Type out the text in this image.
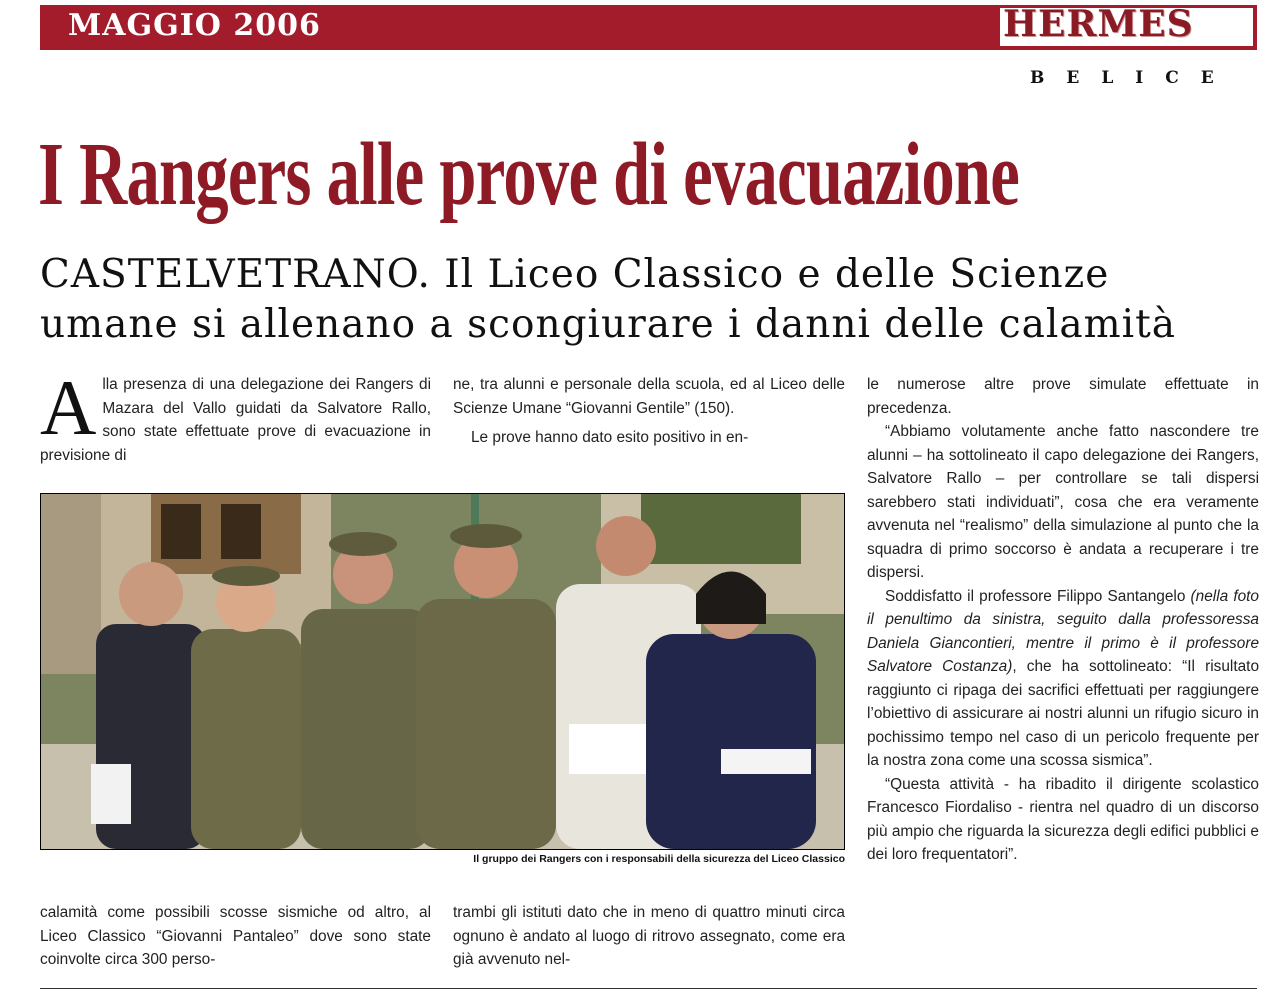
MAGGIO 2006	HERMES
BELICE
I Rangers alle prove di evacuazione
CASTELVETRANO. Il Liceo Classico e delle Scienze
umane si allenano a scongiurare i danni delle calamità
A lla presenza di una delegazione dei Rangers di Mazara del Vallo guidati da Salvatore Rallo, sono state effettuate prove di evacuazione in previsione di

ne, tra alunni e personale della scuola, ed al Liceo delle Scienze Umane “Giovanni Gentile” (150).

Le prove hanno dato esito positivo in en-

le numerose altre prove simulate effettuate in precedenza.

“Abbiamo volutamente anche fatto nascondere tre alunni – ha sottolineato il capo delegazione dei Rangers, Salvatore Rallo – per controllare se tali dispersi sarebbero stati individuati”, cosa che era veramente avvenuta nel “realismo” della simulazione al punto che la squadra di primo soccorso è andata a recuperare i tre dispersi.

Soddisfatto il professore Filippo Santangelo (nella foto il penultimo da sinistra, seguito dalla professoressa Daniela Giancontieri, mentre il primo è il professore Salvatore Costanza), che ha sottolineato: “Il risultato raggiunto ci ripaga dei sacrifici effettuati per raggiungere l’obiettivo di assicurare ai nostri alunni un rifugio sicuro in pochissimo tempo nel caso di un pericolo frequente per la nostra zona come una scossa sismica”.

“Questa attività - ha ribadito il dirigente scolastico Francesco Fiordaliso - rientra nel quadro di un discorso più ampio che riguarda la sicurezza degli edifici pubblici e dei loro frequentatori”.

Il gruppo dei Rangers con i responsabili della sicurezza del Liceo Classico
calamità come possibili scosse sismiche od altro, al Liceo Classico “Giovanni Pantaleo” dove sono state coinvolte circa 300 perso-
trambi gli istituti dato che in meno di quattro minuti circa ognuno è andato al luogo di ritrovo assegnato, come era già avvenuto nel-
